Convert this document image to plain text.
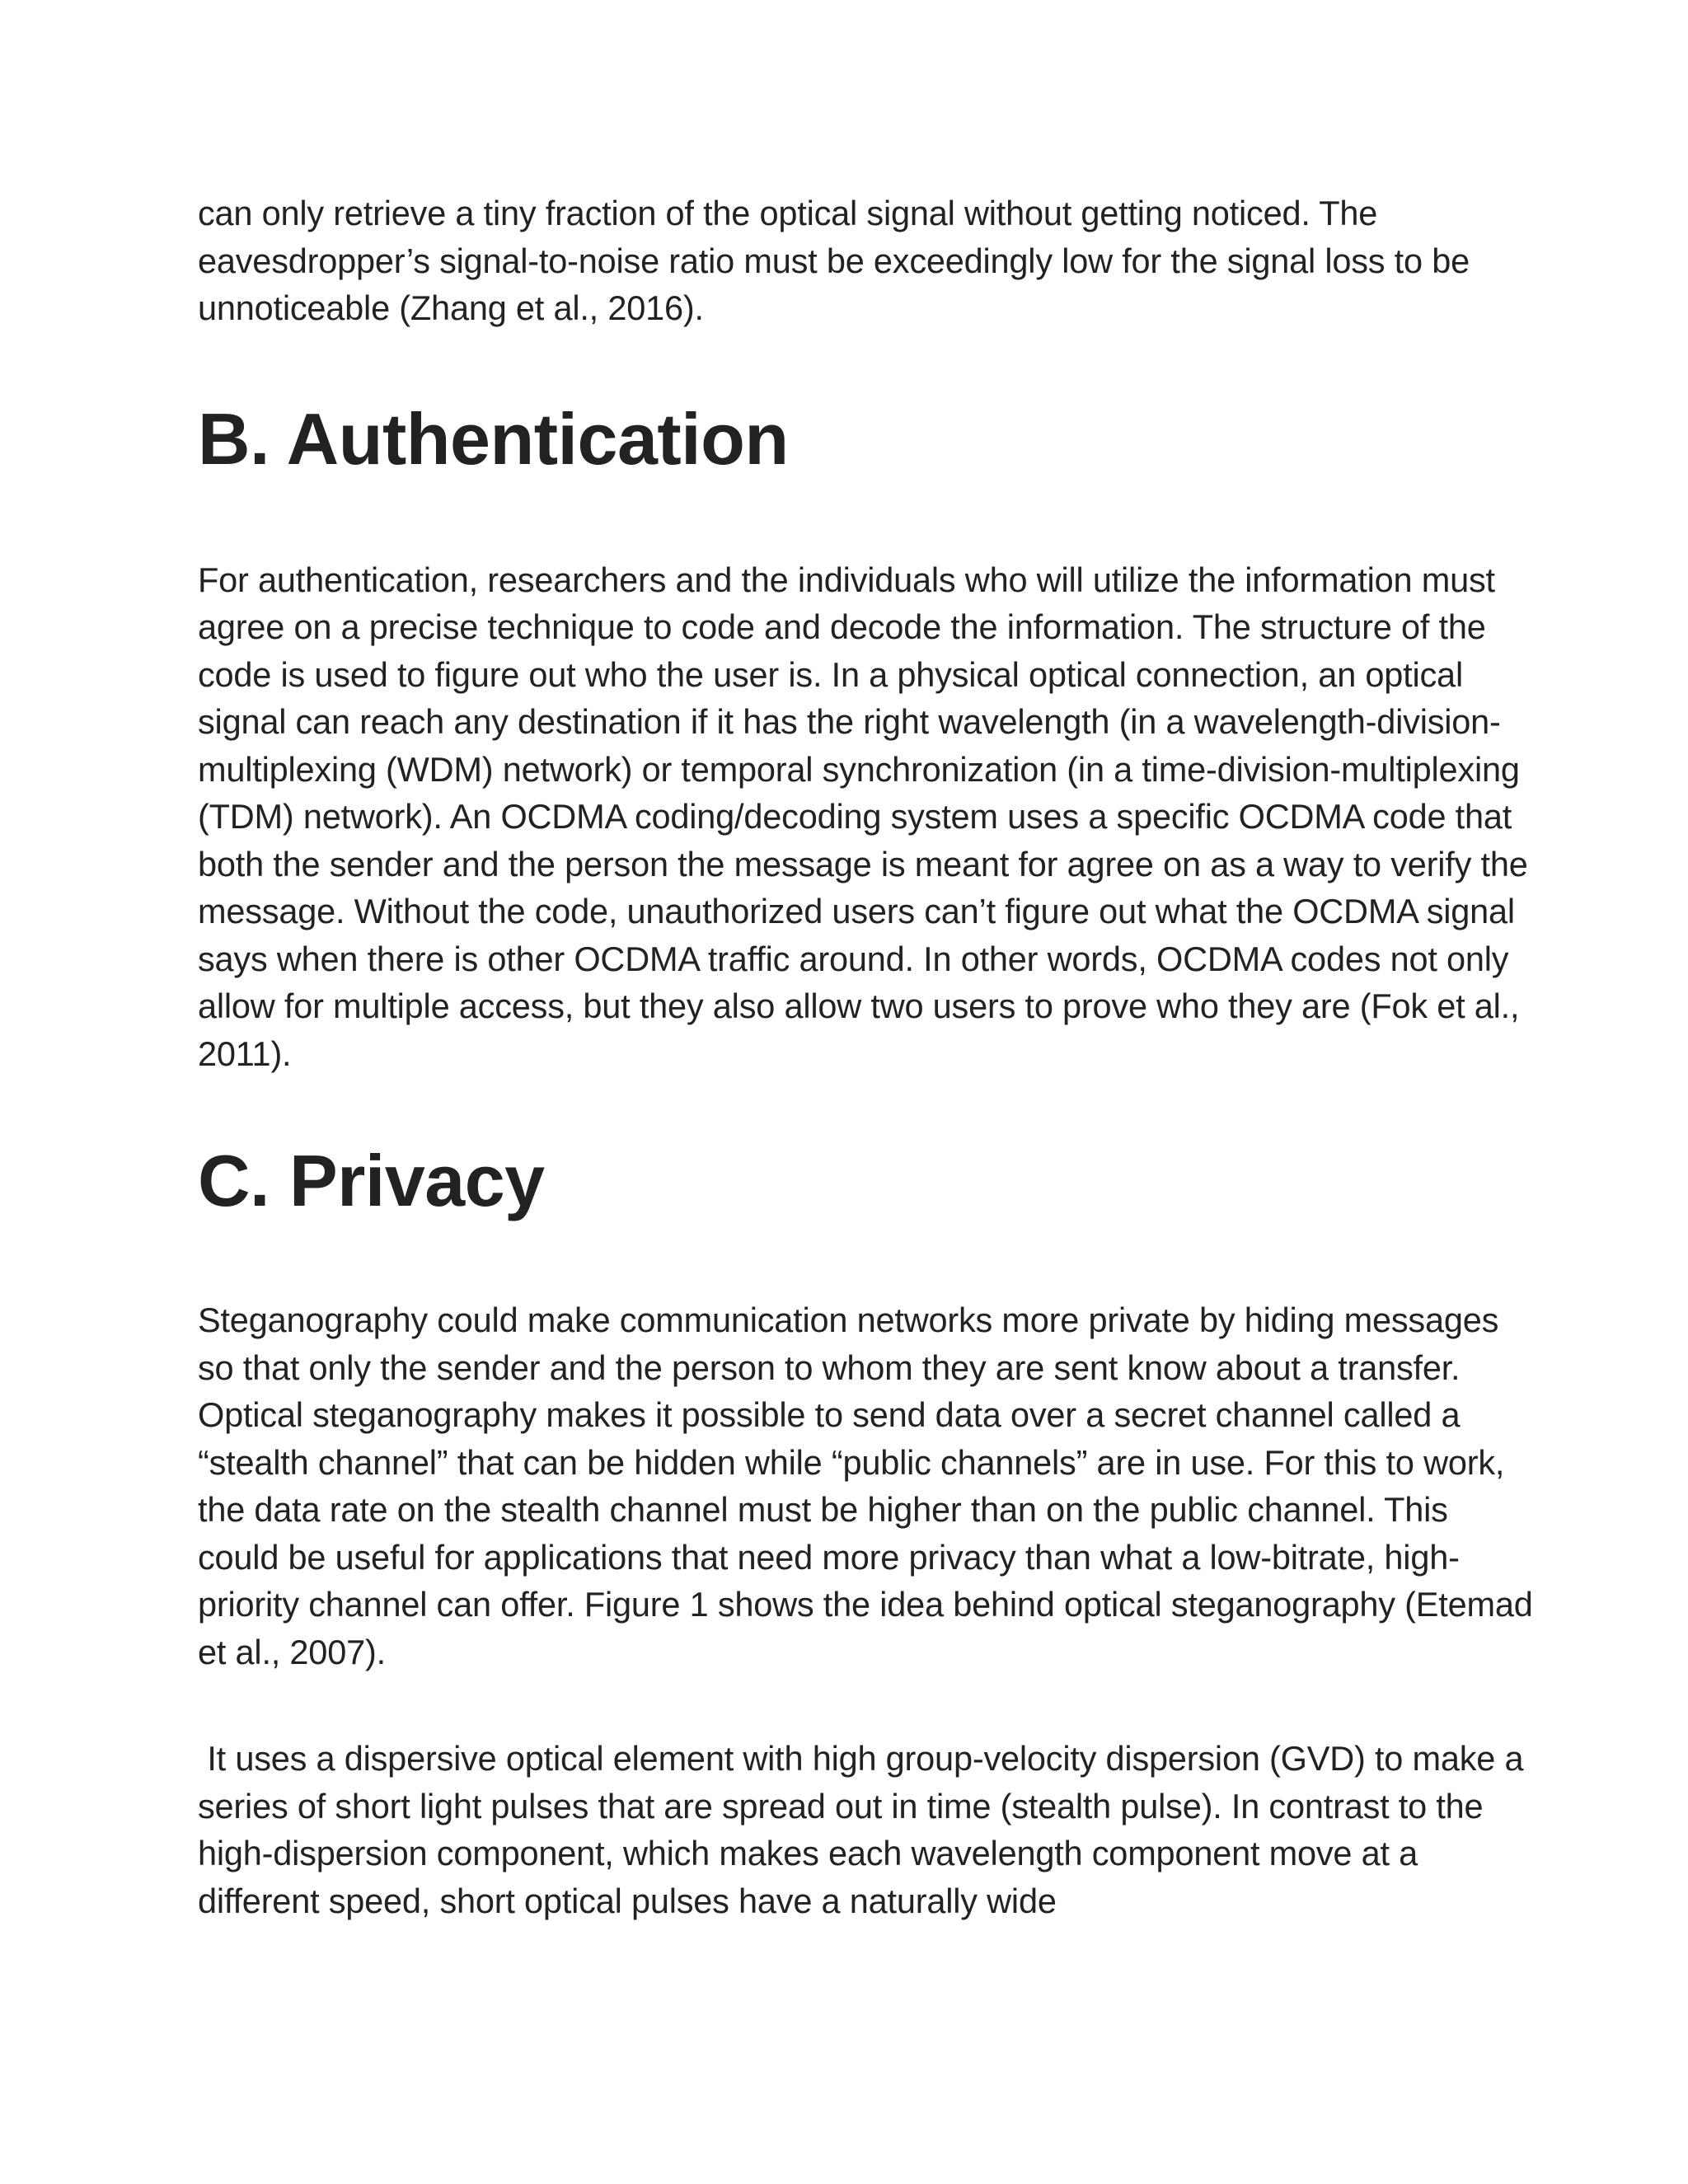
can only retrieve a tiny fraction of the optical signal without getting noticed. The eavesdropper’s signal-to-noise ratio must be exceedingly low for the signal loss to be unnoticeable (Zhang et al., 2016).

B. Authentication

For authentication, researchers and the individuals who will utilize the information must agree on a precise technique to code and decode the information. The structure of the code is used to figure out who the user is. In a physical optical connection, an optical signal can reach any destination if it has the right wavelength (in a wavelength-division-multiplexing (WDM) network) or temporal synchronization (in a time-division-multiplexing (TDM) network). An OCDMA coding/decoding system uses a specific OCDMA code that both the sender and the person the message is meant for agree on as a way to verify the message. Without the code, unauthorized users can’t figure out what the OCDMA signal says when there is other OCDMA traffic around. In other words, OCDMA codes not only allow for multiple access, but they also allow two users to prove who they are (Fok et al., 2011).

C. Privacy

Steganography could make communication networks more private by hiding messages so that only the sender and the person to whom they are sent know about a transfer. Optical steganography makes it possible to send data over a secret channel called a “stealth channel” that can be hidden while “public channels” are in use. For this to work, the data rate on the stealth channel must be higher than on the public channel. This could be useful for applications that need more privacy than what a low-bitrate, high-priority channel can offer. Figure 1 shows the idea behind optical steganography (Etemad et al., 2007).

It uses a dispersive optical element with high group-velocity dispersion (GVD) to make a series of short light pulses that are spread out in time (stealth pulse). In contrast to the high-dispersion component, which makes each wavelength component move at a different speed, short optical pulses have a naturally wide
